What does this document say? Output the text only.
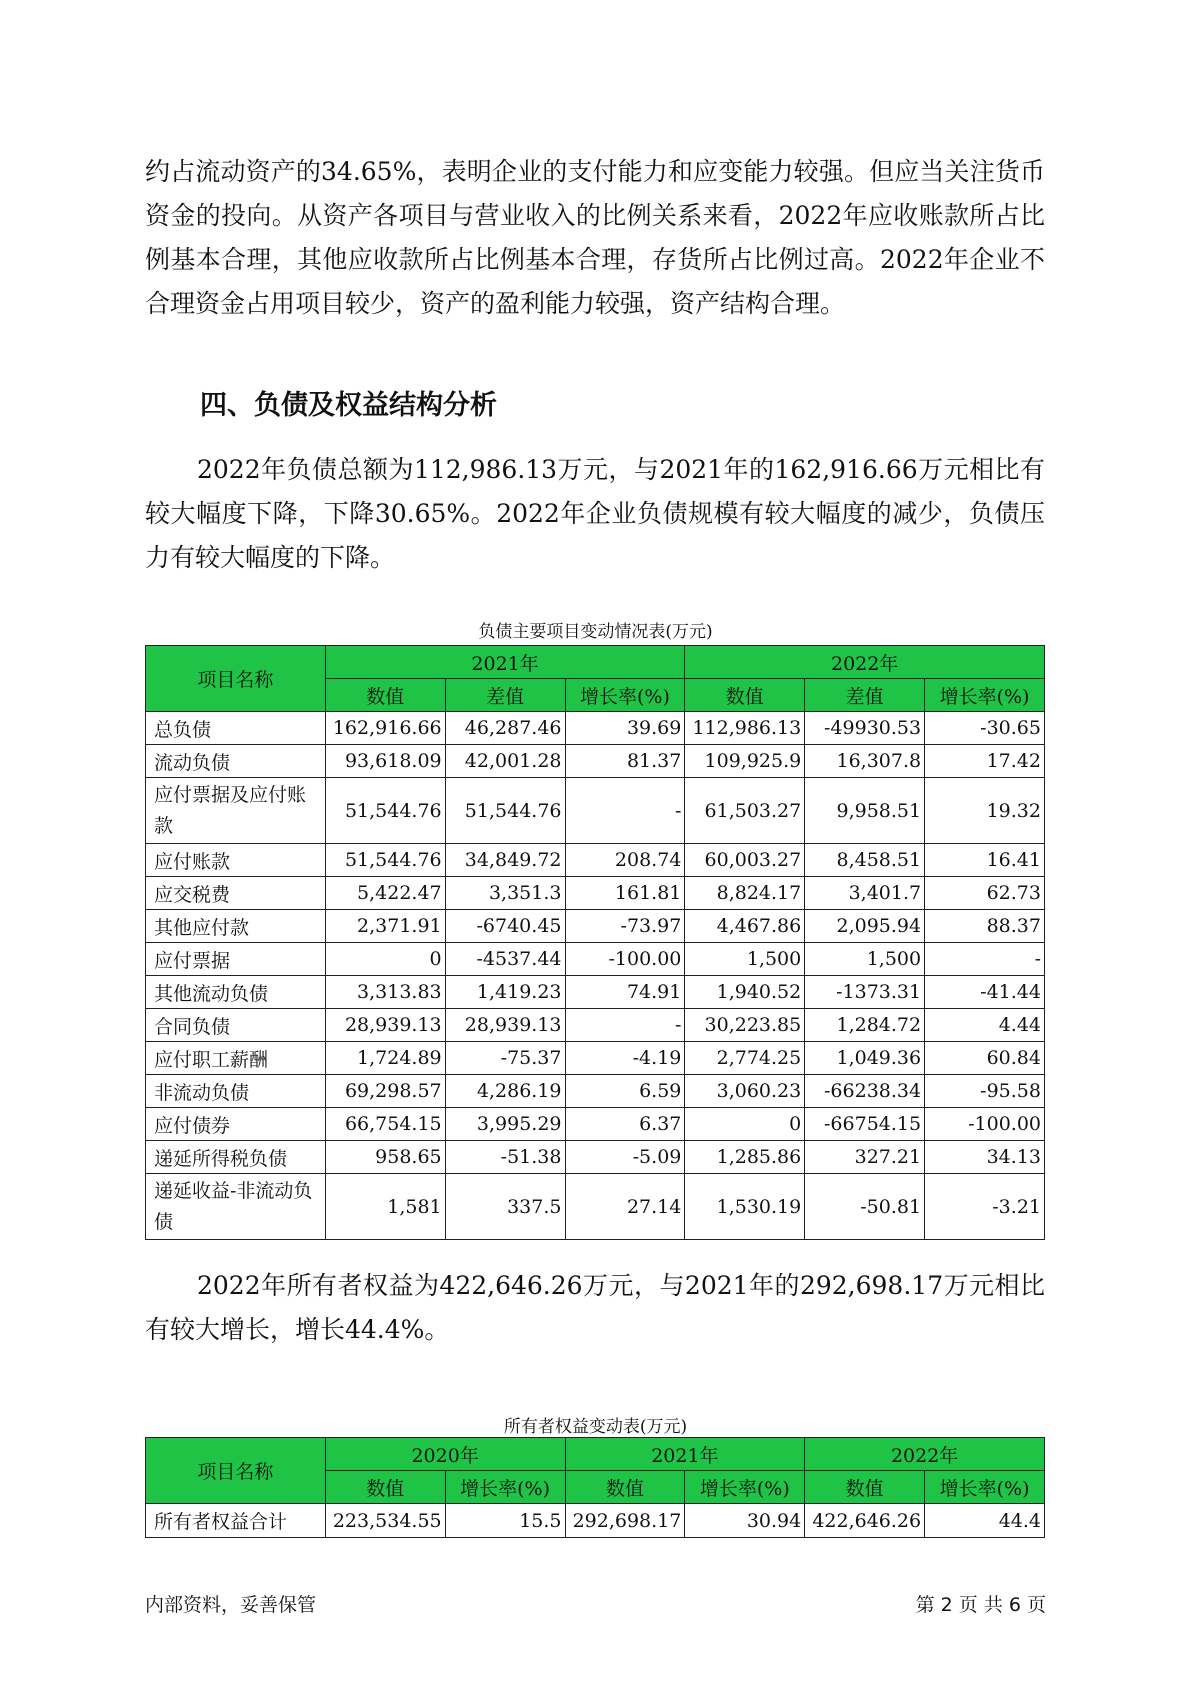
约占流动资产的34.65%，表明企业的支付能力和应变能力较强。但应当关注货币资金的投向。从资产各项目与营业收入的比例关系来看，2022年应收账款所占比例基本合理，其他应收款所占比例基本合理，存货所占比例过高。2022年企业不合理资金占用项目较少，资产的盈利能力较强，资产结构合理。

四、负债及权益结构分析

2022年负债总额为112,986.13万元，与2021年的162,916.66万元相比有较大幅度下降，下降30.65%。2022年企业负债规模有较大幅度的减少，负债压力有较大幅度的下降。

负债主要项目变动情况表(万元)

项目名称	2021年			2022年		
	数值	差值	增长率(%)	数值	差值	增长率(%)
总负债	162,916.66	46,287.46	39.69	112,986.13	-49930.53	-30.65
流动负债	93,618.09	42,001.28	81.37	109,925.9	16,307.8	17.42
应付票据及应付账款	51,544.76	51,544.76	-	61,503.27	9,958.51	19.32
应付账款	51,544.76	34,849.72	208.74	60,003.27	8,458.51	16.41
应交税费	5,422.47	3,351.3	161.81	8,824.17	3,401.7	62.73
其他应付款	2,371.91	-6740.45	-73.97	4,467.86	2,095.94	88.37
应付票据	0	-4537.44	-100.00	1,500	1,500	-
其他流动负债	3,313.83	1,419.23	74.91	1,940.52	-1373.31	-41.44
合同负债	28,939.13	28,939.13	-	30,223.85	1,284.72	4.44
应付职工薪酬	1,724.89	-75.37	-4.19	2,774.25	1,049.36	60.84
非流动负债	69,298.57	4,286.19	6.59	3,060.23	-66238.34	-95.58
应付债券	66,754.15	3,995.29	6.37	0	-66754.15	-100.00
递延所得税负债	958.65	-51.38	-5.09	1,285.86	327.21	34.13
递延收益-非流动负债	1,581	337.5	27.14	1,530.19	-50.81	-3.21

2022年所有者权益为422,646.26万元，与2021年的292,698.17万元相比有较大增长，增长44.4%。

所有者权益变动表(万元)

项目名称	2020年		2021年		2022年	
	数值	增长率(%)	数值	增长率(%)	数值	增长率(%)
所有者权益合计	223,534.55	15.5	292,698.17	30.94	422,646.26	44.4

内部资料，妥善保管	第 2 页 共 6 页
